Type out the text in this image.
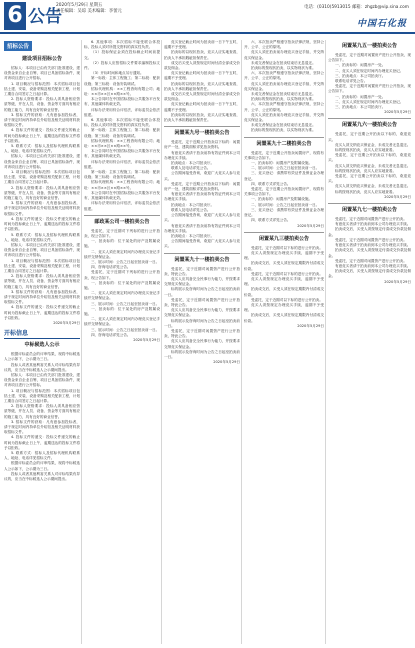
6 公告
2020年5月29日 星期五
责任编辑：吴琼 美术编辑：李蕾元
电话：(0310)5913015 邮箱：zhgzb@vip.sina.com
中国石化报
招标公告
建设项目招标公告

招标人：本项目已由有关部门批准建设，建设资金来自企业自筹，项目已具备招标条件，现对该项目进行公开招标。

1. 项目概况与招标范围：本次招标项目包括土建、安装、设备采购及相关配套工程，计划工期自合同签订之日起计算。

2. 投标人资格要求：投标人须具备相应资质等级，并在人员、设备、资金等方面具有相应的施工能力，具有良好的商业信誉。

3. 招标文件的获取：凡有意参加投标者，请于规定时间内持单位介绍信及相关证明材料获取招标文件。

4. 投标文件的递交：投标文件递交的截止时间为投标截止日上午，逾期送达的投标文件将予以拒收。

5. 联系方式：招标人及招标代理机构联系人、地址、电话详见招标文件。

招标人：本项目已由有关部门批准建设，建设资金来自企业自筹，项目已具备招标条件，现对该项目进行公开招标。

1. 项目概况与招标范围：本次招标项目包括土建、安装、设备采购及相关配套工程，计划工期自合同签订之日起计算。

2. 投标人资格要求：投标人须具备相应资质等级，并在人员、设备、资金等方面具有相应的施工能力，具有良好的商业信誉。

3. 招标文件的获取：凡有意参加投标者，请于规定时间内持单位介绍信及相关证明材料获取招标文件。

4. 投标文件的递交：投标文件递交的截止时间为投标截止日上午，逾期送达的投标文件将予以拒收。

5. 联系方式：招标人及招标代理机构联系人、地址、电话详见招标文件。

招标人：本项目已由有关部门批准建设，建设资金来自企业自筹，项目已具备招标条件，现对该项目进行公开招标。

1. 项目概况与招标范围：本次招标项目包括土建、安装、设备采购及相关配套工程，计划工期自合同签订之日起计算。

2. 投标人资格要求：投标人须具备相应资质等级，并在人员、设备、资金等方面具有相应的施工能力，具有良好的商业信誉。

3. 招标文件的获取：凡有意参加投标者，请于规定时间内持单位介绍信及相关证明材料获取招标文件。

4. 投标文件的递交：投标文件递交的截止时间为投标截止日上午，逾期送达的投标文件将予以拒收。

2020年5月29日
开标信息
中标候选人公示

根据评标委员会的评审结果，现将中标候选人公示如下，公示期为三日。

投标人或者其他利害关系人对评标结果有异议的，应当在中标候选人公示期间提出。

招标人：本项目已由有关部门批准建设，建设资金来自企业自筹，项目已具备招标条件，现对该项目进行公开招标。

1. 项目概况与招标范围：本次招标项目包括土建、安装、设备采购及相关配套工程，计划工期自合同签订之日起计算。

2. 投标人资格要求：投标人须具备相应资质等级，并在人员、设备、资金等方面具有相应的施工能力，具有良好的商业信誉。

3. 招标文件的获取：凡有意参加投标者，请于规定时间内持单位介绍信及相关证明材料获取招标文件。

4. 投标文件的递交：投标文件递交的截止时间为投标截止日上午，逾期送达的投标文件将予以拒收。

5. 联系方式：招标人及招标代理机构联系人、地址、电话详见招标文件。

根据评标委员会的评审结果，现将中标候选人公示如下，公示期为三日。

投标人或者其他利害关系人对评标结果有异议的，应当在中标候选人公示期间提出。

6. 其他事项：本次招标不接受联合体投标，投标人须对所提交资料的真实性负责。

（1）投标保证金须在投标截止时间前提交。

（2）投标人应按招标文件要求编制投标文件。

（3）开标时间和地点另行通知。

第一标段：主体工程施工；第二标段：配套设施；第三标段：设备安装调试。

招标代理机构：××工程咨询有限公司；地址：××市××区××路××号。

本公告同时在中国招标投标公共服务平台发布，其他媒体转载无效。

评标办法采用综合评估法，评标委员会依法组建。

6. 其他事项：本次招标不接受联合体投标，投标人须对所提交资料的真实性负责。

第一标段：主体工程施工；第二标段：配套设施；第三标段：设备安装调试。

招标代理机构：××工程咨询有限公司；地址：××市××区××路××号。

本公告同时在中国招标投标公共服务平台发布，其他媒体转载无效。

评标办法采用综合评估法，评标委员会依法组建。

第一标段：主体工程施工；第二标段：配套设施；第三标段：设备安装调试。

招标代理机构：××工程咨询有限公司；地址：××市××区××路××号。

本公告同时在中国招标投标公共服务平台发布，其他媒体转载无效。

评标办法采用综合评估法，评标委员会依法组建。

邮政某公司一楼拍卖公告

受委托，定于近期对下列标的进行公开拍卖，现公告如下。

一、拍卖标的：位于某处的房产及附属设施。

二、竞买人须在规定时间内办理竞买登记手续并交纳保证金。

三、展示时间：公告之日起至拍卖前一日。

四、咨询电话详见公告。

受委托，定于近期对下列标的进行公开拍卖，现公告如下。

一、拍卖标的：位于某处的房产及附属设施。

二、竞买人须在规定时间内办理竞买登记手续并交纳保证金。

三、展示时间：公告之日起至拍卖前一日。

一、拍卖标的：位于某处的房产及附属设施。

二、竞买人须在规定时间内办理竞买登记手续并交纳保证金。

三、展示时间：公告之日起至拍卖前一日。

四、咨询电话详见公告。

2020年5月29日

竞买登记截止时间为拍卖前一日下午五时，逾期不予受理。

拍卖标的以现状拍卖，竞买人应实地查看，拍卖人不承担瑕疵担保责任。

成交后买受人须按规定时间付清全部成交价款及佣金。

竞买登记截止时间为拍卖前一日下午五时，逾期不予受理。

拍卖标的以现状拍卖，竞买人应实地查看，拍卖人不承担瑕疵担保责任。

成交后买受人须按规定时间付清全部成交价款及佣金。

竞买登记截止时间为拍卖前一日下午五时，逾期不予受理。

拍卖标的以现状拍卖，竞买人应实地查看，拍卖人不承担瑕疵担保责任。

闲置某九号一楼拍卖公告

受委托，定于近期公开拍卖以下标的：闲置房产一处，建筑面积详见拍卖资料。

有意竞买者请于拍卖前持有效证件到本公司办理竞买手续。

拍卖地点：本公司拍卖厅。

联系人及电话详见公告。

公告期间接受咨询，欢迎广大竞买人参与竞买。

受委托，定于近期公开拍卖以下标的：闲置房产一处，建筑面积详见拍卖资料。

有意竞买者请于拍卖前持有效证件到本公司办理竞买手续。

拍卖地点：本公司拍卖厅。

联系人及电话详见公告。

公告期间接受咨询，欢迎广大竞买人参与竞买。

有意竞买者请于拍卖前持有效证件到本公司办理竞买手续。

拍卖地点：本公司拍卖厅。

公告期间接受咨询，欢迎广大竞买人参与竞买。

闲置某九十一楼拍卖公告

受委托，定于近期对闲置资产进行公开拍卖，特此公告。

竞买人应具备完全民事行为能力，并按要求交纳竞买保证金。

标的展示及咨询时间为公告之日起至拍卖前一日。

受委托，定于近期对闲置资产进行公开拍卖，特此公告。

竞买人应具备完全民事行为能力，并按要求交纳竞买保证金。

标的展示及咨询时间为公告之日起至拍卖前一日。

受委托，定于近期对闲置资产进行公开拍卖，特此公告。

竞买人应具备完全民事行为能力，并按要求交纳竞买保证金。

标的展示及咨询时间为公告之日起至拍卖前一日。

2020年5月29日

六、本次拍卖严格遵守拍卖法律法规，坚持公开、公平、公正的原则。

竞买人须在拍卖前办理竞买登记手续，并交纳竞买保证金。

未成交者保证金在拍卖结束后无息退还。

拍卖标的按现状拍卖，以实物现状为准。

六、本次拍卖严格遵守拍卖法律法规，坚持公开、公平、公正的原则。

竞买人须在拍卖前办理竞买登记手续，并交纳竞买保证金。

未成交者保证金在拍卖结束后无息退还。

拍卖标的按现状拍卖，以实物现状为准。

六、本次拍卖严格遵守拍卖法律法规，坚持公开、公平、公正的原则。

竞买人须在拍卖前办理竞买登记手续，并交纳竞买保证金。

未成交者保证金在拍卖结束后无息退还。

拍卖标的按现状拍卖，以实物现状为准。

闲置某九十二楼拍卖公告

受委托，定于近期公开拍卖闲置房产，现将有关事项公告如下。

一、拍卖标的：闲置房产及附属设施。

二、展示时间：公告之日起至拍卖前一日。

三、竞买登记：请携带有效证件及保证金办理登记。

四、联系方式详见公告。

受委托，定于近期公开拍卖闲置房产，现将有关事项公告如下。

一、拍卖标的：闲置房产及附属设施。

二、展示时间：公告之日起至拍卖前一日。

三、竞买登记：请携带有效证件及保证金办理登记。

四、联系方式详见公告。

2020年5月29日
闲置某九三楼拍卖公告

受委托，定于近期对以下标的进行公开拍卖。

竞买人须按规定办理竞买手续，逾期不予受理。

拍卖成交后，买受人须在规定期限内付清成交价款。

受委托，定于近期对以下标的进行公开拍卖。

竞买人须按规定办理竞买手续，逾期不予受理。

拍卖成交后，买受人须在规定期限内付清成交价款。

受委托，定于近期对以下标的进行公开拍卖。

竞买人须按规定办理竞买手续，逾期不予受理。

拍卖成交后，买受人须在规定期限内付清成交价款。

2020年5月29日
闲置某九五一楼拍卖公告

受委托，定于近期对闲置房产进行公开拍卖，现公告如下。

一、拍卖标的：闲置房产一处。

二、竞买人须在规定时间内办理竞买登记。

三、拍卖地点：本公司拍卖厅。

联系电话详见公告。

受委托，定于近期对闲置房产进行公开拍卖，现公告如下。

一、拍卖标的：闲置房产一处。

二、竞买人须在规定时间内办理竞买登记。

三、拍卖地点：本公司拍卖厅。

2020年5月29日
闲置某九六一楼拍卖公告

受委托，定于近期公开拍卖以下标的，欢迎竞买。

竞买人须交纳竞买保证金，未成交者无息退还。

标的按现状拍卖，竞买人应实地查看。

受委托，定于近期公开拍卖以下标的，欢迎竞买。

竞买人须交纳竞买保证金，未成交者无息退还。

标的按现状拍卖，竞买人应实地查看。

受委托，定于近期公开拍卖以下标的，欢迎竞买。

竞买人须交纳竞买保证金，未成交者无息退还。

标的按现状拍卖，竞买人应实地查看。

2020年5月29日
闲置某九七一楼拍卖公告

受委托，定于近期对闲置资产进行公开拍卖。

有意竞买者请于拍卖前到本公司办理竞买手续。

拍卖成交后，买受人须按规定付清成交价款及佣金。

受委托，定于近期对闲置资产进行公开拍卖。

有意竞买者请于拍卖前到本公司办理竞买手续。

拍卖成交后，买受人须按规定付清成交价款及佣金。

受委托，定于近期对闲置资产进行公开拍卖。

有意竞买者请于拍卖前到本公司办理竞买手续。

拍卖成交后，买受人须按规定付清成交价款及佣金。

2020年5月29日
